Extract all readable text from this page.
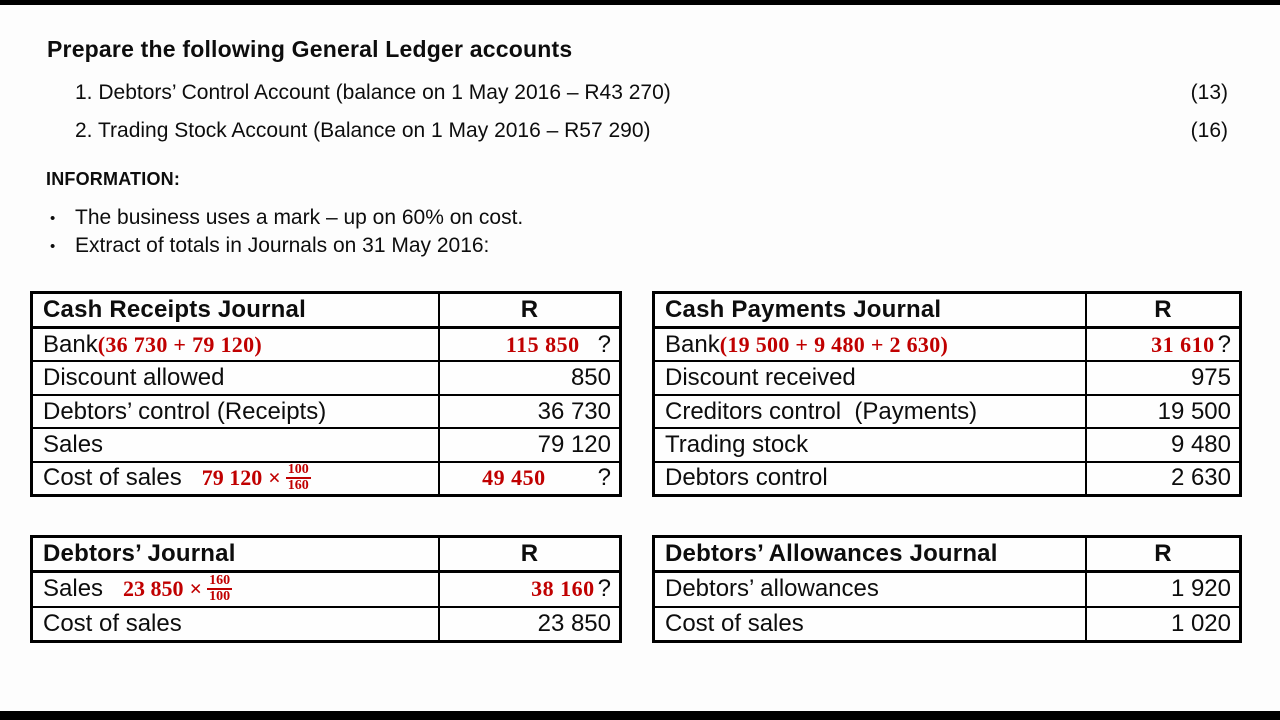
Prepare the following General Ledger accounts
1. Debtors’ Control Account (balance on 1 May 2016 – R43 270)	(13)
2. Trading Stock Account (Balance on 1 May 2016 – R57 290)	(16)
INFORMATION:
• The business uses a mark – up on 60% on cost.
• Extract of totals in Journals on 31 May 2016:
Cash Receipts Journal	R
Bank (36 730 + 79 120)	115 850 ?
Discount allowed	850
Debtors’ control (Receipts)	36 730
Sales	79 120
Cost of sales 79 $120 \times \frac{100}{160}$	49 450 ?
Cash Payments Journal	R
Bank (19 500 + 9 480 + 2 630)	31 610 ?
Discount received	975
Creditors control  (Payments)	19 500
Trading stock	9 480
Debtors control	2 630
Debtors’ Journal	R
Sales 23 $850 \times \frac{160}{100}$	38 160 ?
Cost of sales	23 850
Debtors’ Allowances Journal	R
Debtors’ allowances	1 920
Cost of sales	1 020
